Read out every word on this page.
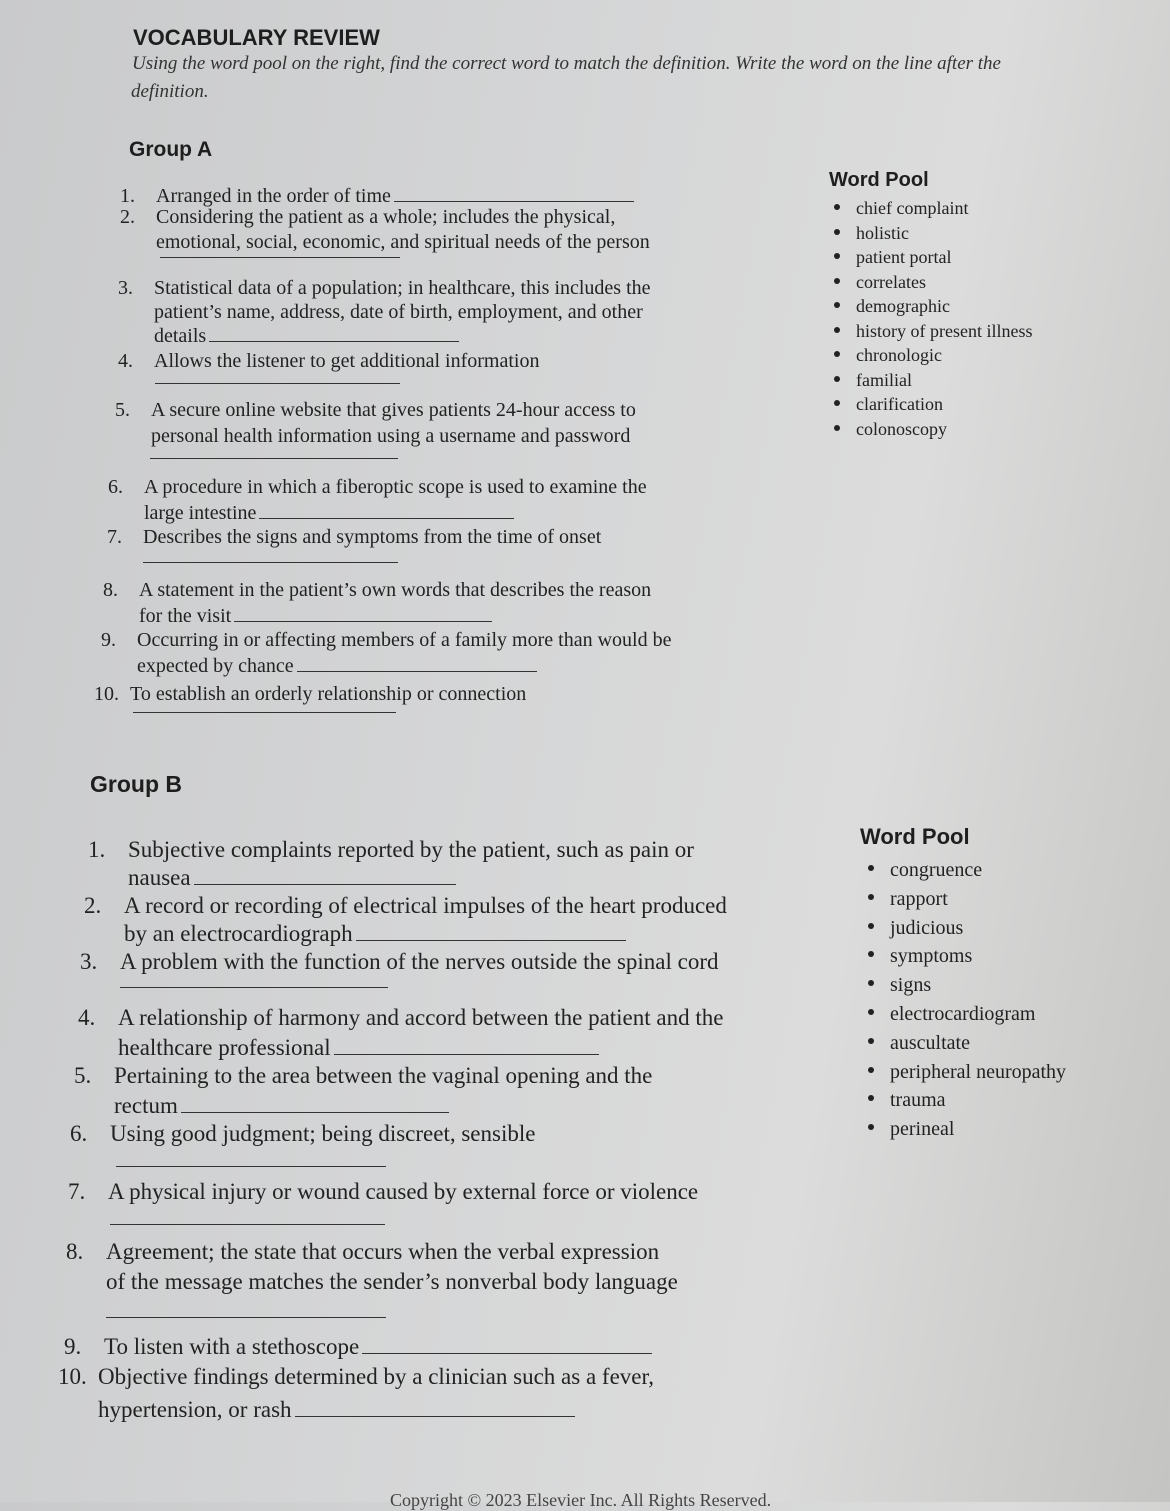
VOCABULARY REVIEW
Using the word pool on the right, find the correct word to match the definition. Write the word on the line after the
definition.
Group A
1. Arranged in the order of time
2. Considering the patient as a whole; includes the physical,
emotional, social, economic, and spiritual needs of the person
3. Statistical data of a population; in healthcare, this includes the
patient’s name, address, date of birth, employment, and other
details
4. Allows the listener to get additional information
5. A secure online website that gives patients 24-hour access to
personal health information using a username and password
6. A procedure in which a fiberoptic scope is used to examine the
large intestine
7. Describes the signs and symptoms from the time of onset
8. A statement in the patient’s own words that describes the reason
for the visit
9. Occurring in or affecting members of a family more than would be
expected by chance
10. To establish an orderly relationship or connection
1. Subjective complaints reported by the patient, such as pain or
nausea
2. A record or recording of electrical impulses of the heart produced
by an electrocardiograph
3. A problem with the function of the nerves outside the spinal cord
4. A relationship of harmony and accord between the patient and the
healthcare professional
5. Pertaining to the area between the vaginal opening and the
rectum
6. Using good judgment; being discreet, sensible
7. A physical injury or wound caused by external force or violence
8. Agreement; the state that occurs when the verbal expression
of the message matches the sender’s nonverbal body language
9. To listen with a stethoscope
10. Objective findings determined by a clinician such as a fever,
hypertension, or rash
Word Pool
chief complaint
holistic
patient portal
correlates
demographic
history of present illness
chronologic
familial
clarification
colonoscopy
Group B
Word Pool
congruence
rapport
judicious
symptoms
signs
electrocardiogram
auscultate
peripheral neuropathy
trauma
perineal
Copyright © 2023 Elsevier Inc. All Rights Reserved.
